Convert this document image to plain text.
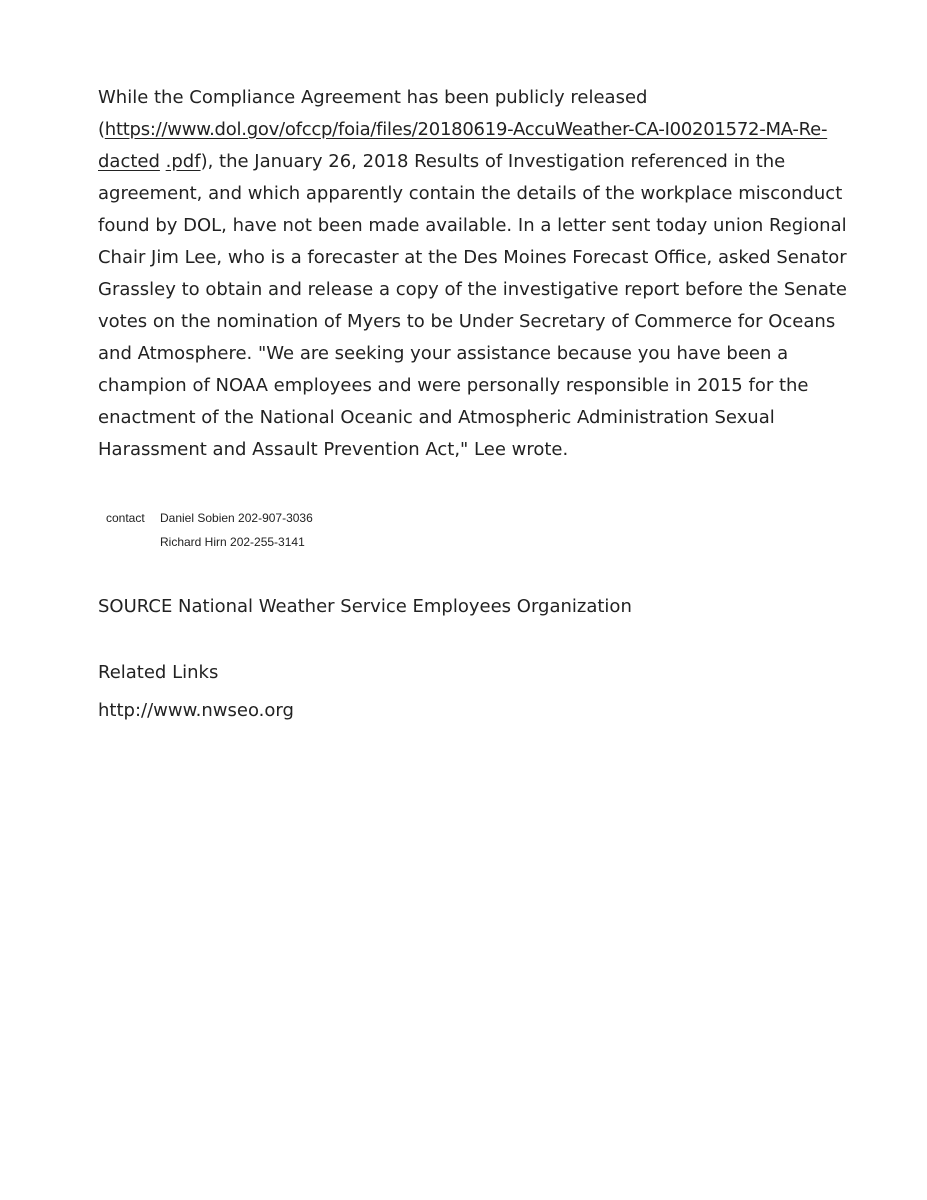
While the Compliance Agreement has been publicly released

(https://www.dol.gov/ofccp/foia/files/20180619-AccuWeather-CA-I00201572-MA-Re-

dacted .pdf), the January 26, 2018 Results of Investigation referenced in the

agreement, and which apparently contain the details of the workplace misconduct

found by DOL, have not been made available. In a letter sent today union Regional

Chair Jim Lee, who is a forecaster at the Des Moines Forecast Office, asked Senator

Grassley to obtain and release a copy of the investigative report before the Senate

votes on the nomination of Myers to be Under Secretary of Commerce for Oceans

and Atmosphere. "We are seeking your assistance because you have been a

champion of NOAA employees and were personally responsible in 2015 for the

enactment of the National Oceanic and Atmospheric Administration Sexual

Harassment and Assault Prevention Act," Lee wrote.

contact Daniel Sobien 202-907-3036

Richard Hirn 202-255-3141

SOURCE National Weather Service Employees Organization

Related Links

http://www.nwseo.org
